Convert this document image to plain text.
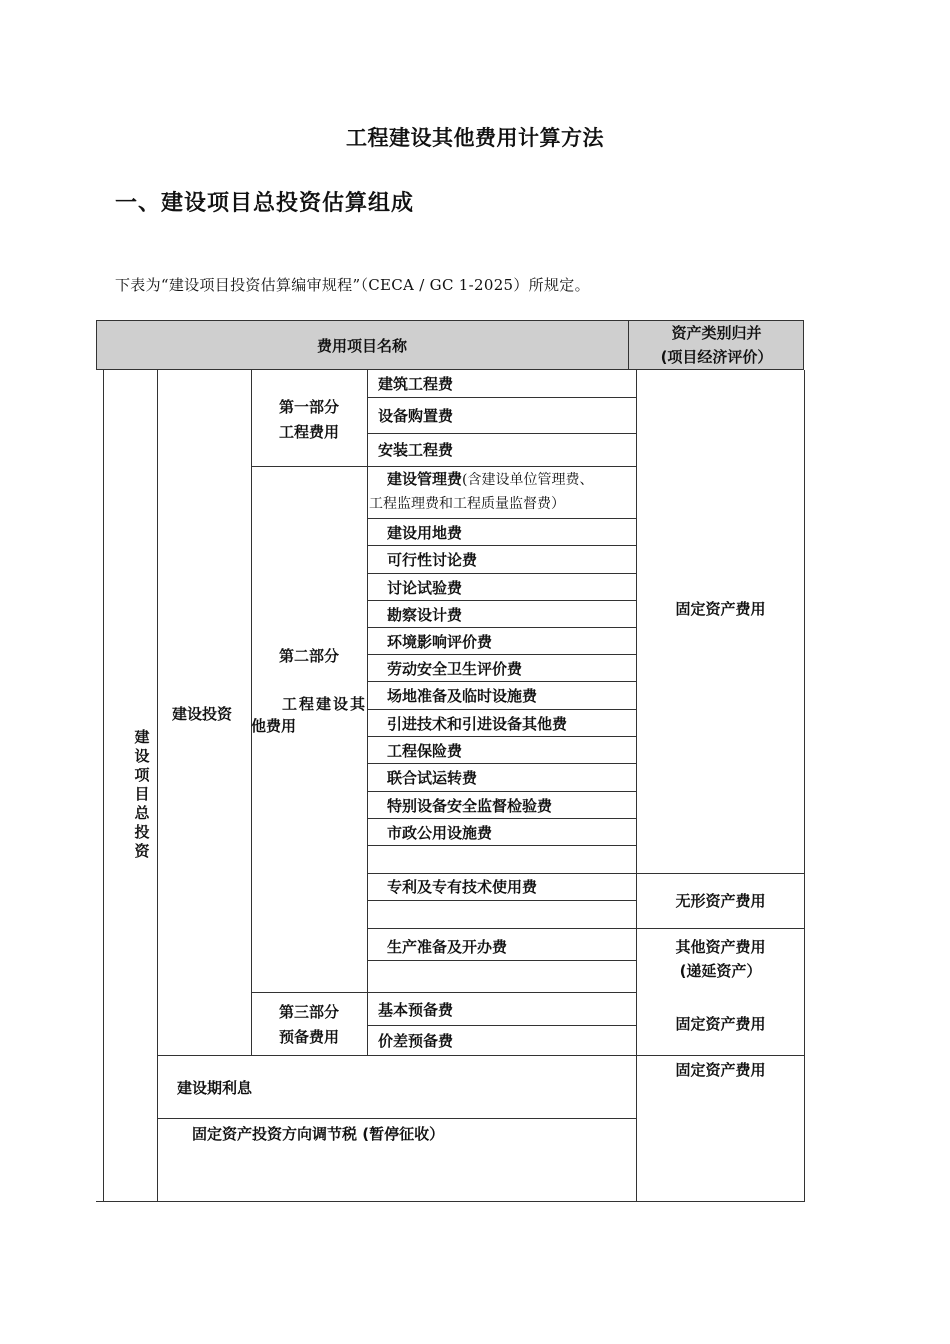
工程建设其他费用计算方法
一、建设项目总投资估算组成
下表为“建设项目投资估算编审规程”（CECA / GC 1-2025）所规定。
费用项目名称
资产类别归并
(项目经济评价）
建设项目总投资
建设投资
第一部分
工程费用
第二部分
工程建设其
他费用
第三部分
预备费用
建筑工程费
设备购置费
安装工程费
建设管理费(含建设单位管理费、
工程监理费和工程质量监督费）
建设用地费
可行性讨论费
讨论试验费
勘察设计费
环境影响评价费
劳动安全卫生评价费
场地准备及临时设施费
引进技术和引进设备其他费
工程保险费
联合试运转费
特别设备安全监督检验费
市政公用设施费
专利及专有技术使用费
生产准备及开办费
基本预备费
价差预备费
建设期利息
固定资产投资方向调节税 (暂停征收）
固定资产费用
无形资产费用
其他资产费用
(递延资产）
固定资产费用
固定资产费用
